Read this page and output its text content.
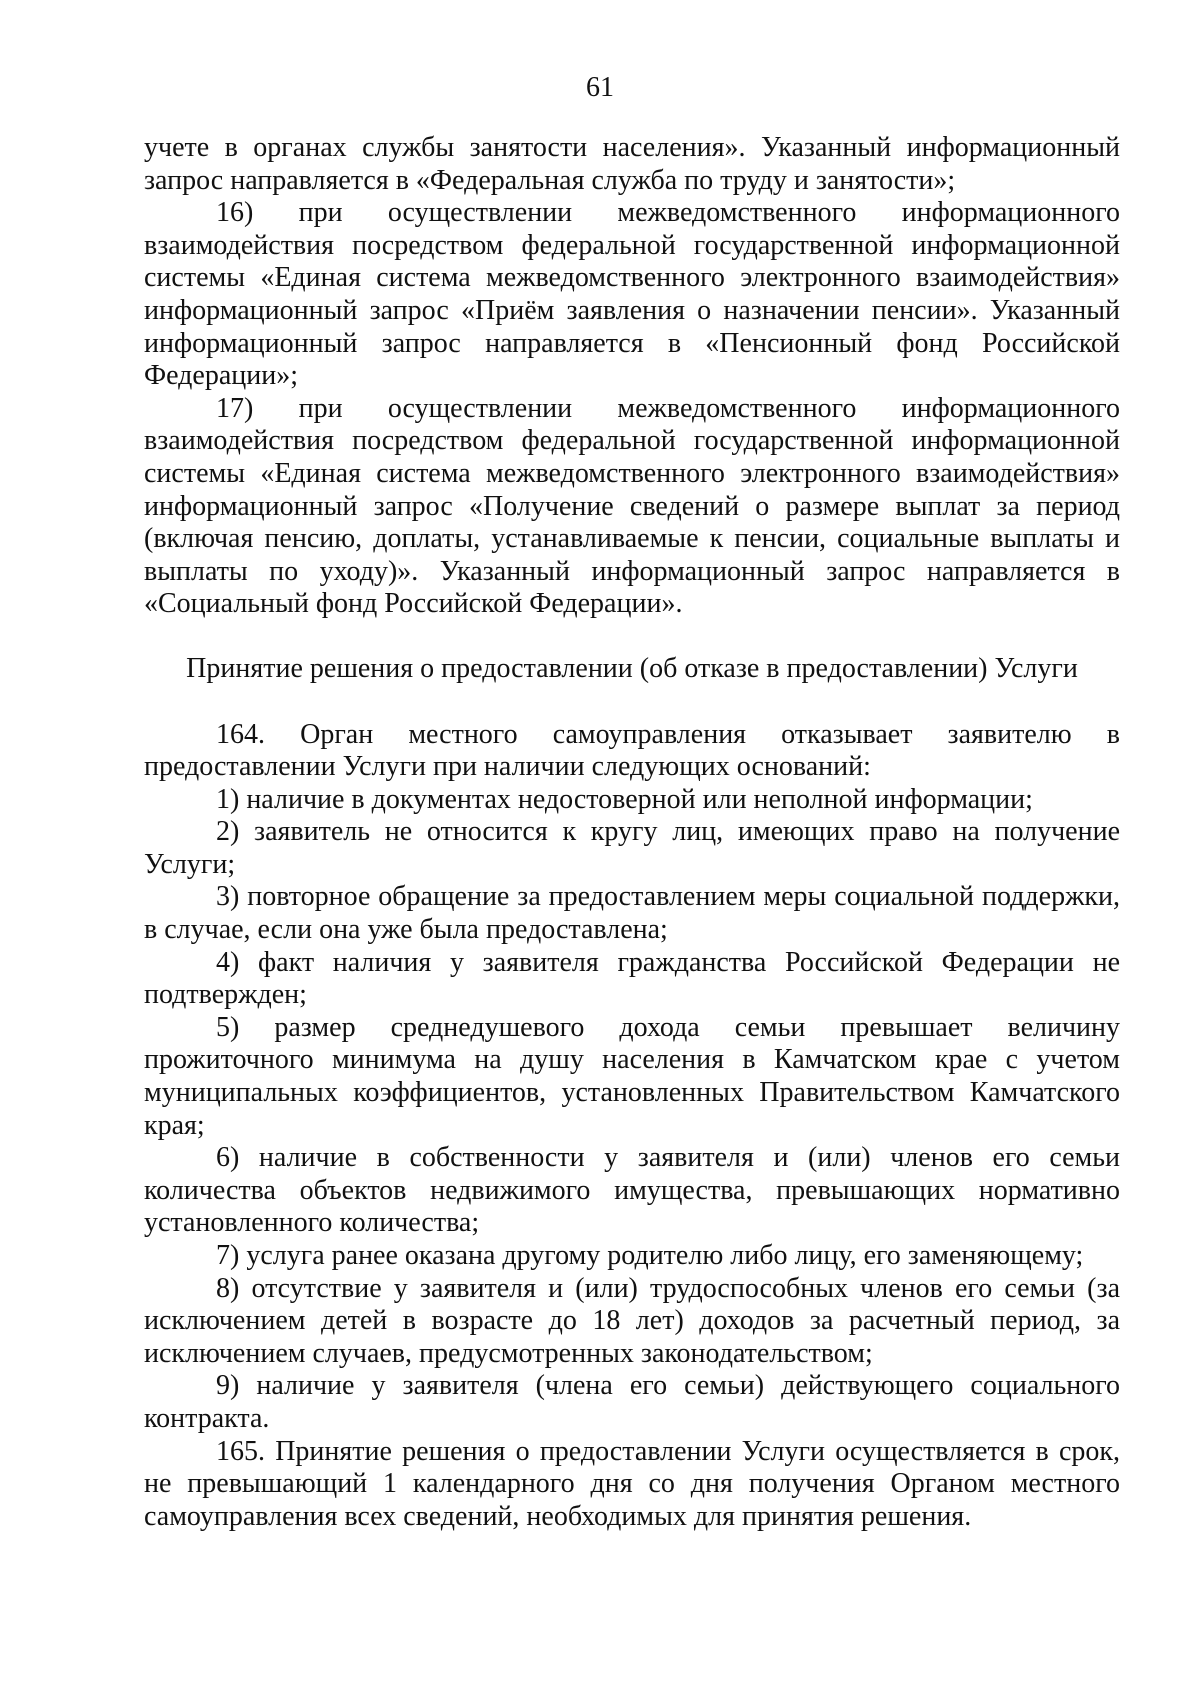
61

учете в органах службы занятости населения». Указанный информационный запрос направляется в «Федеральная служба по труду и занятости»;

16) при осуществлении межведомственного информационного взаимодействия посредством федеральной государственной информационной системы «Единая система межведомственного электронного взаимодействия» информационный запрос «Приём заявления о назначении пенсии». Указанный информационный запрос направляется в «Пенсионный фонд Российской Федерации»;

17) при осуществлении межведомственного информационного взаимодействия посредством федеральной государственной информационной системы «Единая система межведомственного электронного взаимодействия» информационный запрос «Получение сведений о размере выплат за период (включая пенсию, доплаты, устанавливаемые к пенсии, социальные выплаты и выплаты по уходу)». Указанный информационный запрос направляется в «Социальный фонд Российской Федерации».

Принятие решения о предоставлении (об отказе в предоставлении) Услуги

164. Орган местного самоуправления отказывает заявителю в предоставлении Услуги при наличии следующих оснований:

1) наличие в документах недостоверной или неполной информации;

2) заявитель не относится к кругу лиц, имеющих право на получение Услуги;

3) повторное обращение за предоставлением меры социальной поддержки, в случае, если она уже была предоставлена;

4) факт наличия у заявителя гражданства Российской Федерации не подтвержден;

5) размер среднедушевого дохода семьи превышает величину прожиточного минимума на душу населения в Камчатском крае с учетом муниципальных коэффициентов, установленных Правительством Камчатского края;

6) наличие в собственности у заявителя и (или) членов его семьи количества объектов недвижимого имущества, превышающих нормативно установленного количества;

7) услуга ранее оказана другому родителю либо лицу, его заменяющему;

8) отсутствие у заявителя и (или) трудоспособных членов его семьи (за исключением детей в возрасте до 18 лет) доходов за расчетный период, за исключением случаев, предусмотренных законодательством;

9) наличие у заявителя (члена его семьи) действующего социального контракта.

165. Принятие решения о предоставлении Услуги осуществляется в срок, не превышающий 1 календарного дня со дня получения Органом местного самоуправления всех сведений, необходимых для принятия решения.
